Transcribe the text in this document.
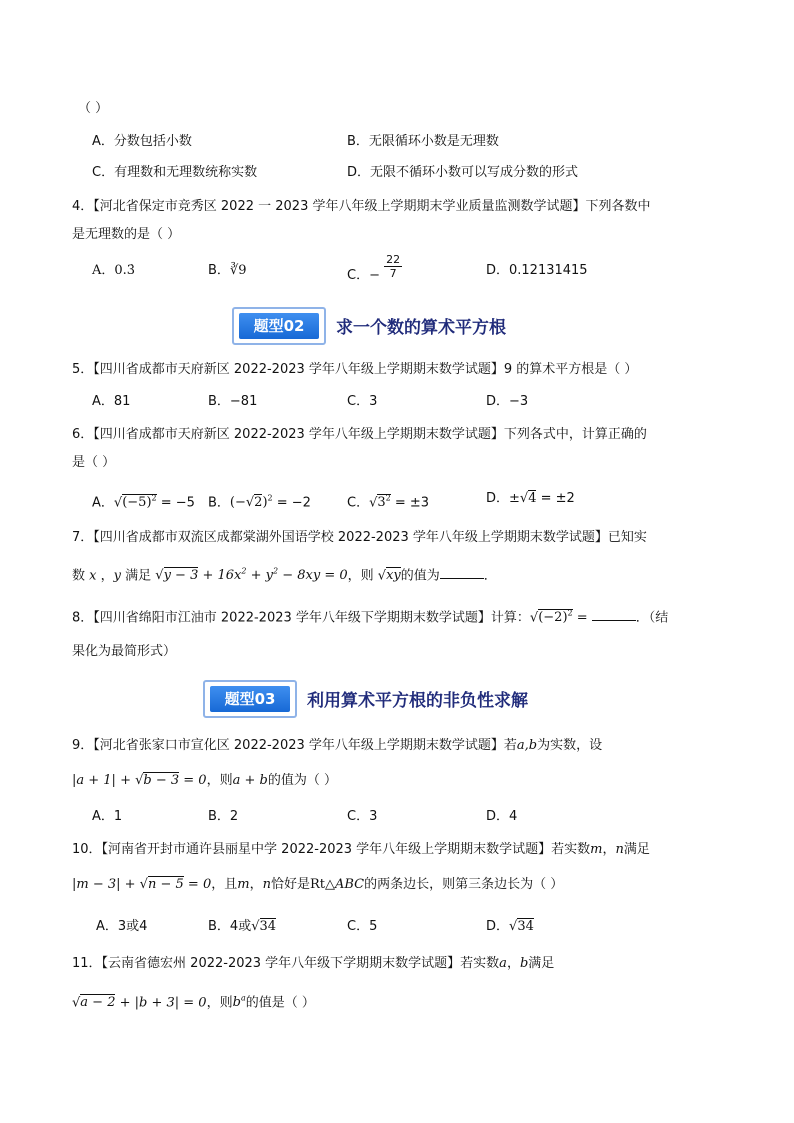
（ ）
A．分数包括小数	B．无限循环小数是无理数
C．有理数和无理数统称实数	D．无限不循环小数可以写成分数的形式
4．【河北省保定市竞秀区 2022 一 2023 学年八年级上学期期末学业质量监测数学试题】下列各数中
是无理数的是（ ）
A．0.3̇	B．∛9	C．− $\frac{22}{7}$	D．0.12131415
题型02	求一个数的算术平方根
5．【四川省成都市天府新区 2022-2023 学年八年级上学期期末数学试题】9 的算术平方根是（ ）
A．81	B．−81	C．3	D．−3
6．【四川省成都市天府新区 2022-2023 学年八年级上学期期末数学试题】下列各式中，计算正确的
是（ ）
A．$√(-5)^2 = -5$ B．$(-√2)^2 = -2$	C．$√3^2 = \pm 3$	D．±√4 = ±2
7．【四川省成都市双流区成都棠湖外国语学校 2022-2023 学年八年级上学期期末数学试题】已知实
数 x ，y 满足 $√y - 3 + 16x^2 + y^2 - 8xy = 0$，则 √xy的值为	．
8．【四川省绵阳市江油市 2022-2023 学年八年级下学期期末数学试题】计算：$√(-2)^2$ =	．（结
果化为最简形式）
题型03	利用算术平方根的非负性求解
9．【河北省张家口市宣化区 2022-2023 学年八年级上学期期末数学试题】若a,b为实数，设
|a + 1| + √b − 3 = 0，则a + b的值为（ ）
A．1	B．2	C．3	D．4
10．【河南省开封市通许县丽星中学 2022-2023 学年八年级上学期期末数学试题】若实数m，n满足
|m − 3| + √n − 5 = 0，且m，n恰好是Rt△ABC的两条边长，则第三条边长为（ ）
A．3或4	B．4或√34	C．5	D．√34
11．【云南省德宏州 2022-2023 学年八年级下学期期末数学试题】若实数a，b满足
√a − 2 + |b + 3| = 0，则$b^a$的值是（ ）
